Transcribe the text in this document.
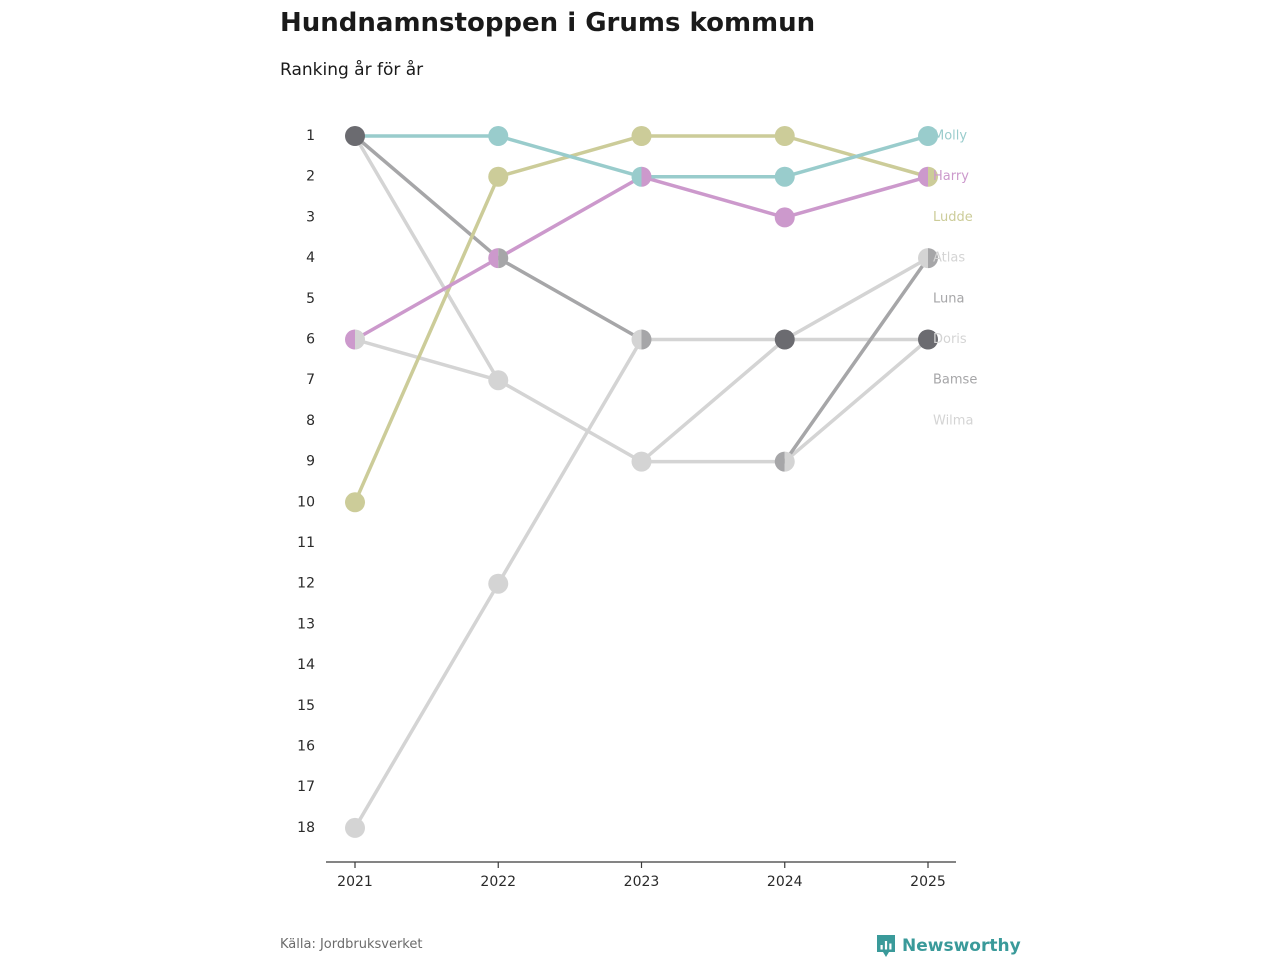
Hundnamnstoppen i Grums kommun

Ranking år för år

1
2
3
4
5
6
7
8
9
10
11
12
13
14
15
16
17
18
Molly
Harry
Ludde
Atlas
Luna
Doris
Bamse
Wilma
2021	2022	2023	2024	2025
Källa: Jordbruksverket	Newsworthy
